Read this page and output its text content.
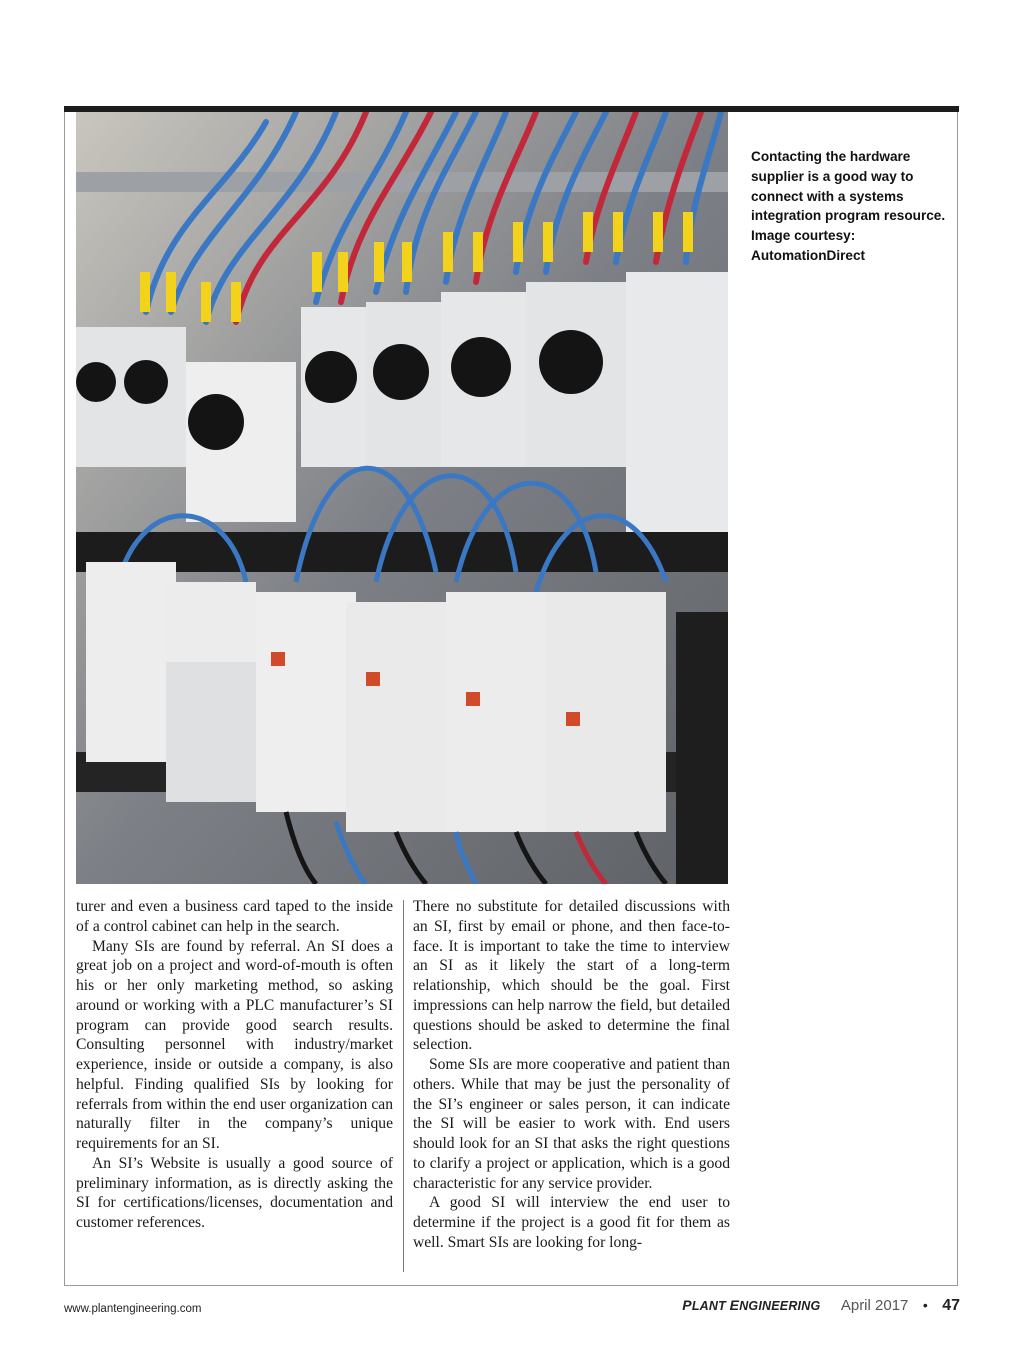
Contacting the hardware supplier is a good way to connect with a systems integration program resource. Image courtesy: AutomationDirect

turer and even a business card taped to the inside of a control cabinet can help in the search.

Many SIs are found by referral. An SI does a great job on a project and word-of-mouth is often his or her only marketing method, so asking around or working with a PLC manufacturer’s SI program can provide good search results. Consulting personnel with industry/market experience, inside or outside a company, is also helpful. Finding qualified SIs by looking for referrals from within the end user organization can naturally filter in the company’s unique requirements for an SI.

An SI’s Website is usually a good source of preliminary information, as is directly asking the SI for certifications/licenses, documentation and customer references.

There no substitute for detailed discussions with an SI, first by email or phone, and then face-to-face. It is important to take the time to interview an SI as it likely the start of a long-term relationship, which should be the goal. First impressions can help narrow the field, but detailed questions should be asked to determine the final selection.

Some SIs are more cooperative and patient than others. While that may be just the personality of the SI’s engineer or sales person, it can indicate the SI will be easier to work with. End users should look for an SI that asks the right questions to clarify a project or application, which is a good characteristic for any service provider.

A good SI will interview the end user to determine if the project is a good fit for them as well. Smart SIs are looking for long-

www.plantengineering.com	PLANT ENGINEERING April 2017 • 47
